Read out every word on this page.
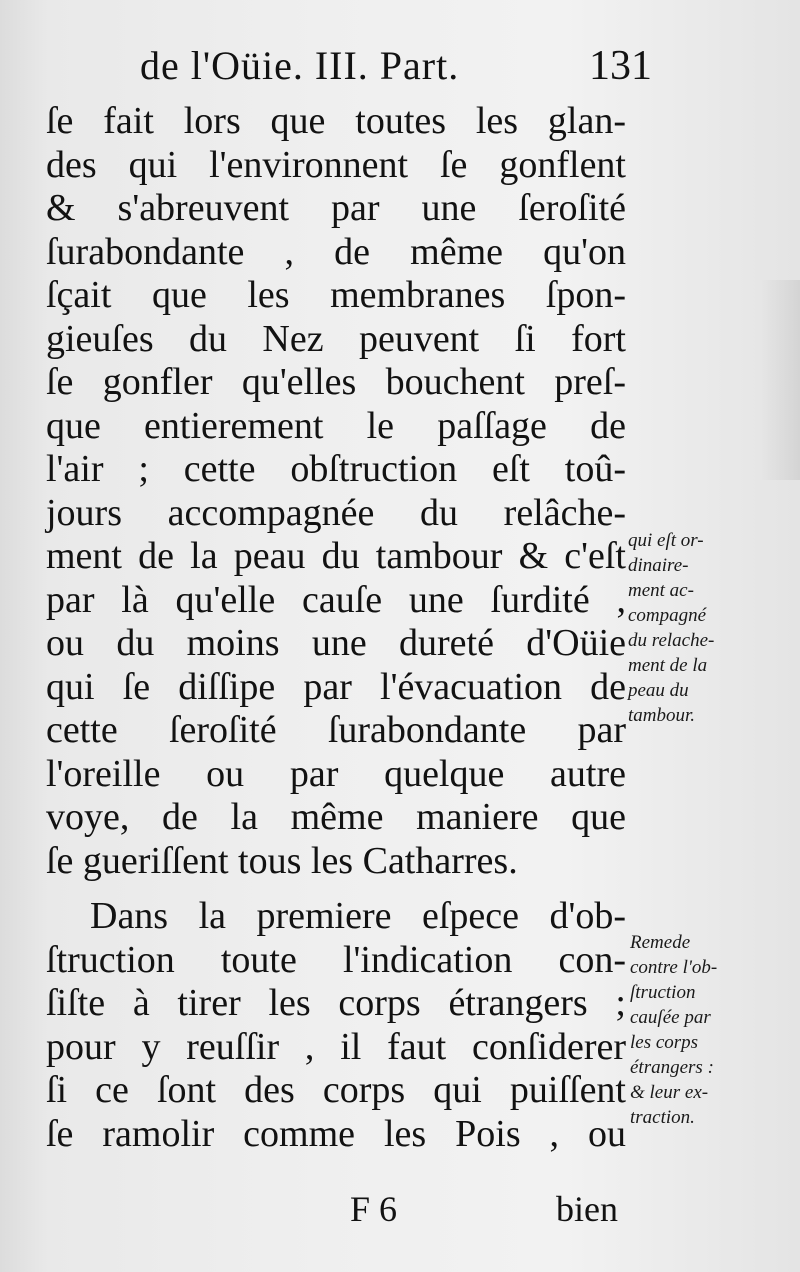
de l'Oüie. III. Part.	131
ſe fait lors que toutes les glan-
des qui l'environnent ſe gonflent
& s'abreuvent par une ſeroſité
ſurabondante , de même qu'on
ſçait que les membranes ſpon-
gieuſes du Nez peuvent ſi fort
ſe gonfler qu'elles bouchent preſ-
que entierement le paſſage de
l'air ; cette obſtruction eſt toû-
jours accompagnée du relâche-
ment de la peau du tambour & c'eſt
par là qu'elle cauſe une ſurdité ,
ou du moins une dureté d'Oüie
qui ſe diſſipe par l'évacuation de
cette ſeroſité ſurabondante par
l'oreille ou par quelque autre
voye, de la même maniere que
ſe gueriſſent tous les Catharres.
Dans la premiere eſpece d'ob-
ſtruction toute l'indication con-
ſiſte à tirer les corps étrangers ;
pour y reuſſir , il faut conſiderer
ſi ce ſont des corps qui puiſſent
ſe ramolir comme les Pois , ou
qui eſt or-
dinaire-
ment ac-
compagné
du relache-
ment de la
peau du
tambour.
Remede
contre l'ob-
ſtruction
cauſée par
les corps
étrangers :
& leur ex-
traction.
F 6	bien
